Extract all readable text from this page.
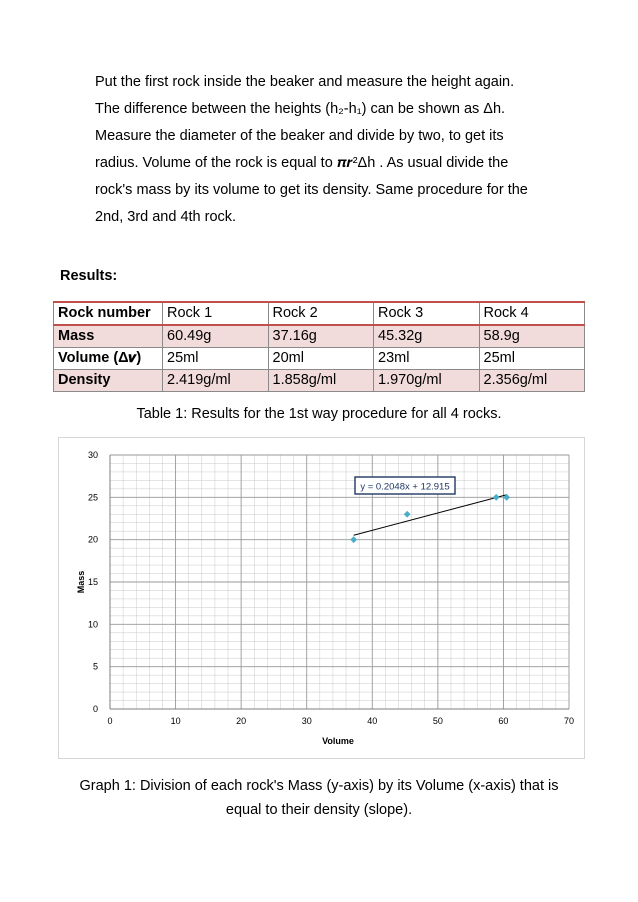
Put the first rock inside the beaker and measure the height again.

The difference between the heights (h₂-h₁) can be shown as Δh.

Measure the diameter of the beaker and divide by two, to get its

radius. Volume of the rock is equal to 𝝅𝒓²Δh . As usual divide the

rock's mass by its volume to get its density. Same procedure for the

2nd, 3rd and 4th rock.

Results:
Rock number	Rock 1	Rock 2	Rock 3	Rock 4
Mass	60.49g	37.16g	45.32g	58.9g
Volume (Δ𝒗)	25ml	20ml	23ml	25ml
Density	2.419g/ml	1.858g/ml	1.970g/ml	2.356g/ml
Table 1: Results for the 1st way procedure for all 4 rocks.
0	10	20	30	40	50	60	70
0
5
10
15
20
25
30
y = 0.2048x + 12.915
Volume
Mass
Graph 1: Division of each rock's Mass (y-axis) by its Volume (x-axis) that is
equal to their density (slope).
